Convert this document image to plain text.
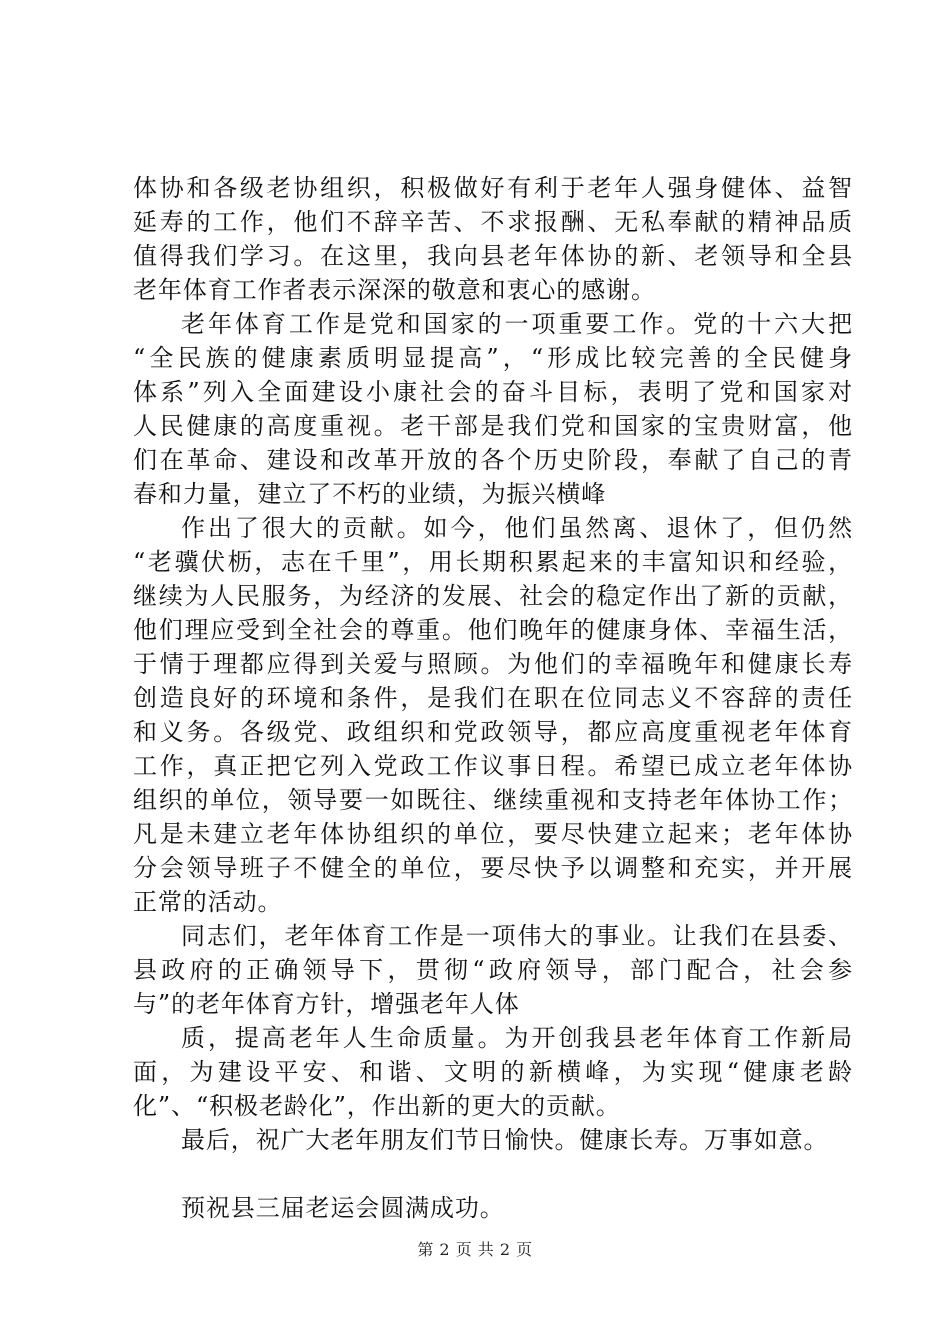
体协和各级老协组织，积极做好有利于老年人强身健体、益智
延寿的工作，他们不辞辛苦、不求报酬、无私奉献的精神品质
值得我们学习。在这里，我向县老年体协的新、老领导和全县
老年体育工作者表示深深的敬意和衷心的感谢。
老年体育工作是党和国家的一项重要工作。党的十六大把
“全民族的健康素质明显提高”，“形成比较完善的全民健身
体系”列入全面建设小康社会的奋斗目标，表明了党和国家对
人民健康的高度重视。老干部是我们党和国家的宝贵财富，他
们在革命、建设和改革开放的各个历史阶段，奉献了自己的青
春和力量，建立了不朽的业绩，为振兴横峰
作出了很大的贡献。如今，他们虽然离、退休了，但仍然
“老骥伏枥，志在千里”，用长期积累起来的丰富知识和经验，
继续为人民服务，为经济的发展、社会的稳定作出了新的贡献，
他们理应受到全社会的尊重。他们晚年的健康身体、幸福生活，
于情于理都应得到关爱与照顾。为他们的幸福晚年和健康长寿
创造良好的环境和条件，是我们在职在位同志义不容辞的责任
和义务。各级党、政组织和党政领导，都应高度重视老年体育
工作，真正把它列入党政工作议事日程。希望已成立老年体协
组织的单位，领导要一如既往、继续重视和支持老年体协工作；
凡是未建立老年体协组织的单位，要尽快建立起来；老年体协
分会领导班子不健全的单位，要尽快予以调整和充实，并开展
正常的活动。
同志们，老年体育工作是一项伟大的事业。让我们在县委、
县政府的正确领导下，贯彻“政府领导，部门配合，社会参
与”的老年体育方针，增强老年人体
质，提高老年人生命质量。为开创我县老年体育工作新局
面，为建设平安、和谐、文明的新横峰，为实现“健康老龄
化”、“积极老龄化”，作出新的更大的贡献。
最后，祝广大老年朋友们节日愉快。健康长寿。万事如意。
预祝县三届老运会圆满成功。
第 2 页 共 2 页
